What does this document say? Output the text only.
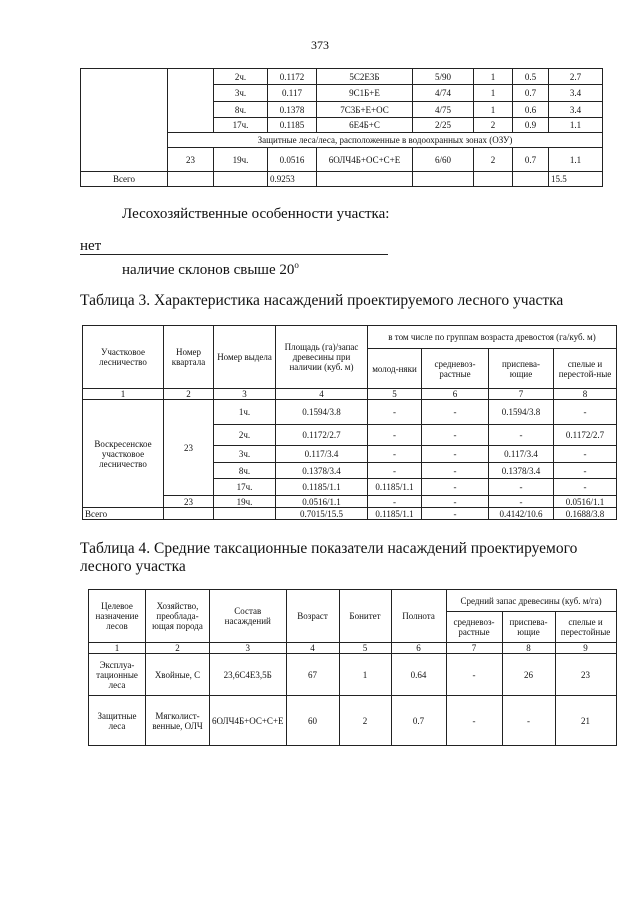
373
		2ч.	0.1172	5С2Е3Б	5/90	1	0.5	2.7
		3ч.	0.117	9С1Б+Е	4/74	1	0.7	3.4
		8ч.	0.1378	7С3Б+Е+ОС	4/75	1	0.6	3.4
		17ч.	0.1185	6Е4Б+С	2/25	2	0.9	1.1
	Защитные леса/леса, расположенные в водоохранных зонах (ОЗУ)							
	23	19ч.	0.0516	6ОЛЧ4Б+ОС+С+Е	6/60	2	0.7	1.1
Всего			0.9253					15.5
Лесохозяйственные особенности участка:
нет
наличие склонов свыше $20^о$
Таблица 3. Характеристика насаждений проектируемого лесного участка
Участковое лесничество	Номер квартала	Номер выдела	Площадь (га)/запас древесины при наличии (куб. м)	в том числе по группам возраста древостоя (га/куб. м)			
				молод-няки	средневоз-растные	приспева-ющие	спелые и перестой-ные
1	2	3	4	5	6	7	8
Воскресенское участковое лесничество	23	1ч.	0.1594/3.8	-	-	0.1594/3.8	-
		2ч.	0.1172/2.7	-	-	-	0.1172/2.7
		3ч.	0.117/3.4	-	-	0.117/3.4	-
		8ч.	0.1378/3.4	-	-	0.1378/3.4	-
		17ч.	0.1185/1.1	0.1185/1.1	-	-	-
	23	19ч.	0.0516/1.1	-	-	-	0.0516/1.1
Всего			0.7015/15.5	0.1185/1.1	-	0.4142/10.6	0.1688/3.8
Таблица 4. Средние таксационные показатели насаждений проектируемого лесного участка
Целевое назначение лесов	Хозяйство, преоблада-ющая порода	Состав насаждений	Возраст	Бонитет	Полнота	Средний запас древесины (куб. м/га)		
						средневоз-растные	приспева-ющие	спелые и перестойные
1	2	3	4	5	6	7	8	9
Эксплуа-тационные леса	Хвойные, С	23,6С4Е3,5Б	67	1	0.64	-	26	23
Защитные леса	Мягколист-венные, ОЛЧ	6ОЛЧ4Б+ОС+С+Е	60	2	0.7	-	-	21
